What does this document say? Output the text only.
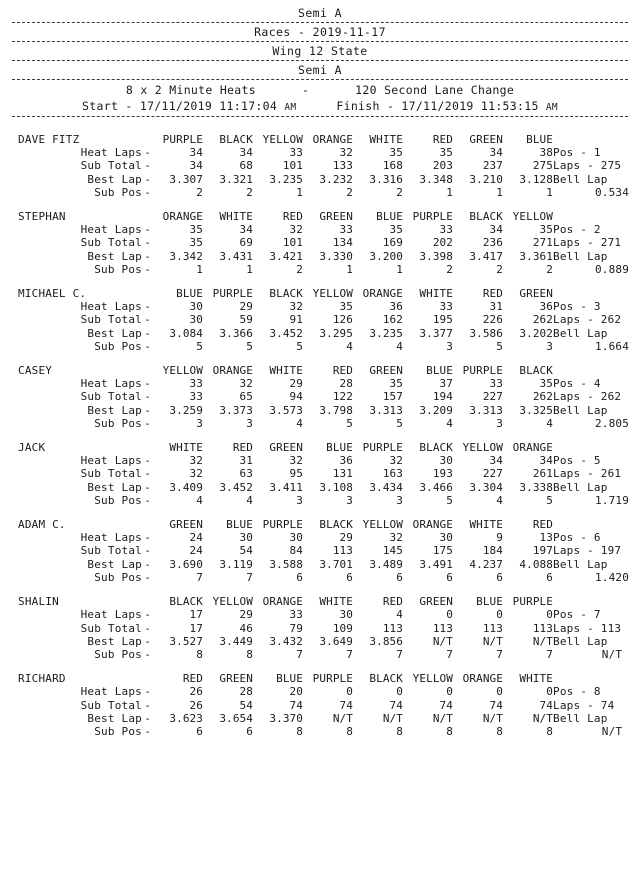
Semi A
Races - 2019-11-17
Wing 12 State
Semi A
8 x 2 Minute Heats	-	120 Second Lane Change
Start - 17/11/2019 11:17:04 AM	Finish - 17/11/2019 11:53:15 AM
DAVE FITZ
			PURPLE	BLACK	YELLOW	ORANGE	WHITE	RED	GREEN	BLUE	
Heat Laps	-	34	34	33	32	35	35	34	38	Pos - 1
Sub Total	-	34	68	101	133	168	203	237	275	Laps - 275
Best Lap	-	3.307	3.321	3.235	3.232	3.316	3.348	3.210	3.128	Bell Lap
Sub Pos	-	2	2	1	2	2	1	1	1	0.534
STEPHAN
			ORANGE	WHITE	RED	GREEN	BLUE	PURPLE	BLACK	YELLOW	
Heat Laps	-	35	34	32	33	35	33	34	35	Pos - 2
Sub Total	-	35	69	101	134	169	202	236	271	Laps - 271
Best Lap	-	3.342	3.431	3.421	3.330	3.200	3.398	3.417	3.361	Bell Lap
Sub Pos	-	1	1	2	1	1	2	2	2	0.889
MICHAEL C.
			BLUE	PURPLE	BLACK	YELLOW	ORANGE	WHITE	RED	GREEN	
Heat Laps	-	30	29	32	35	36	33	31	36	Pos - 3
Sub Total	-	30	59	91	126	162	195	226	262	Laps - 262
Best Lap	-	3.084	3.366	3.452	3.295	3.235	3.377	3.586	3.202	Bell Lap
Sub Pos	-	5	5	5	4	4	3	5	3	1.664
CASEY
			YELLOW	ORANGE	WHITE	RED	GREEN	BLUE	PURPLE	BLACK	
Heat Laps	-	33	32	29	28	35	37	33	35	Pos - 4
Sub Total	-	33	65	94	122	157	194	227	262	Laps - 262
Best Lap	-	3.259	3.373	3.573	3.798	3.313	3.209	3.313	3.325	Bell Lap
Sub Pos	-	3	3	4	5	5	4	3	4	2.805
JACK
			WHITE	RED	GREEN	BLUE	PURPLE	BLACK	YELLOW	ORANGE	
Heat Laps	-	32	31	32	36	32	30	34	34	Pos - 5
Sub Total	-	32	63	95	131	163	193	227	261	Laps - 261
Best Lap	-	3.409	3.452	3.411	3.108	3.434	3.466	3.304	3.338	Bell Lap
Sub Pos	-	4	4	3	3	3	5	4	5	1.719
ADAM C.
			GREEN	BLUE	PURPLE	BLACK	YELLOW	ORANGE	WHITE	RED	
Heat Laps	-	24	30	30	29	32	30	9	13	Pos - 6
Sub Total	-	24	54	84	113	145	175	184	197	Laps - 197
Best Lap	-	3.690	3.119	3.588	3.701	3.489	3.491	4.237	4.088	Bell Lap
Sub Pos	-	7	7	6	6	6	6	6	6	1.420
SHALIN
			BLACK	YELLOW	ORANGE	WHITE	RED	GREEN	BLUE	PURPLE	
Heat Laps	-	17	29	33	30	4	0	0	0	Pos - 7
Sub Total	-	17	46	79	109	113	113	113	113	Laps - 113
Best Lap	-	3.527	3.449	3.432	3.649	3.856	N/T	N/T	N/T	Bell Lap
Sub Pos	-	8	8	7	7	7	7	7	7	N/T
RICHARD
			RED	GREEN	BLUE	PURPLE	BLACK	YELLOW	ORANGE	WHITE	
Heat Laps	-	26	28	20	0	0	0	0	0	Pos - 8
Sub Total	-	26	54	74	74	74	74	74	74	Laps - 74
Best Lap	-	3.623	3.654	3.370	N/T	N/T	N/T	N/T	N/T	Bell Lap
Sub Pos	-	6	6	8	8	8	8	8	8	N/T
